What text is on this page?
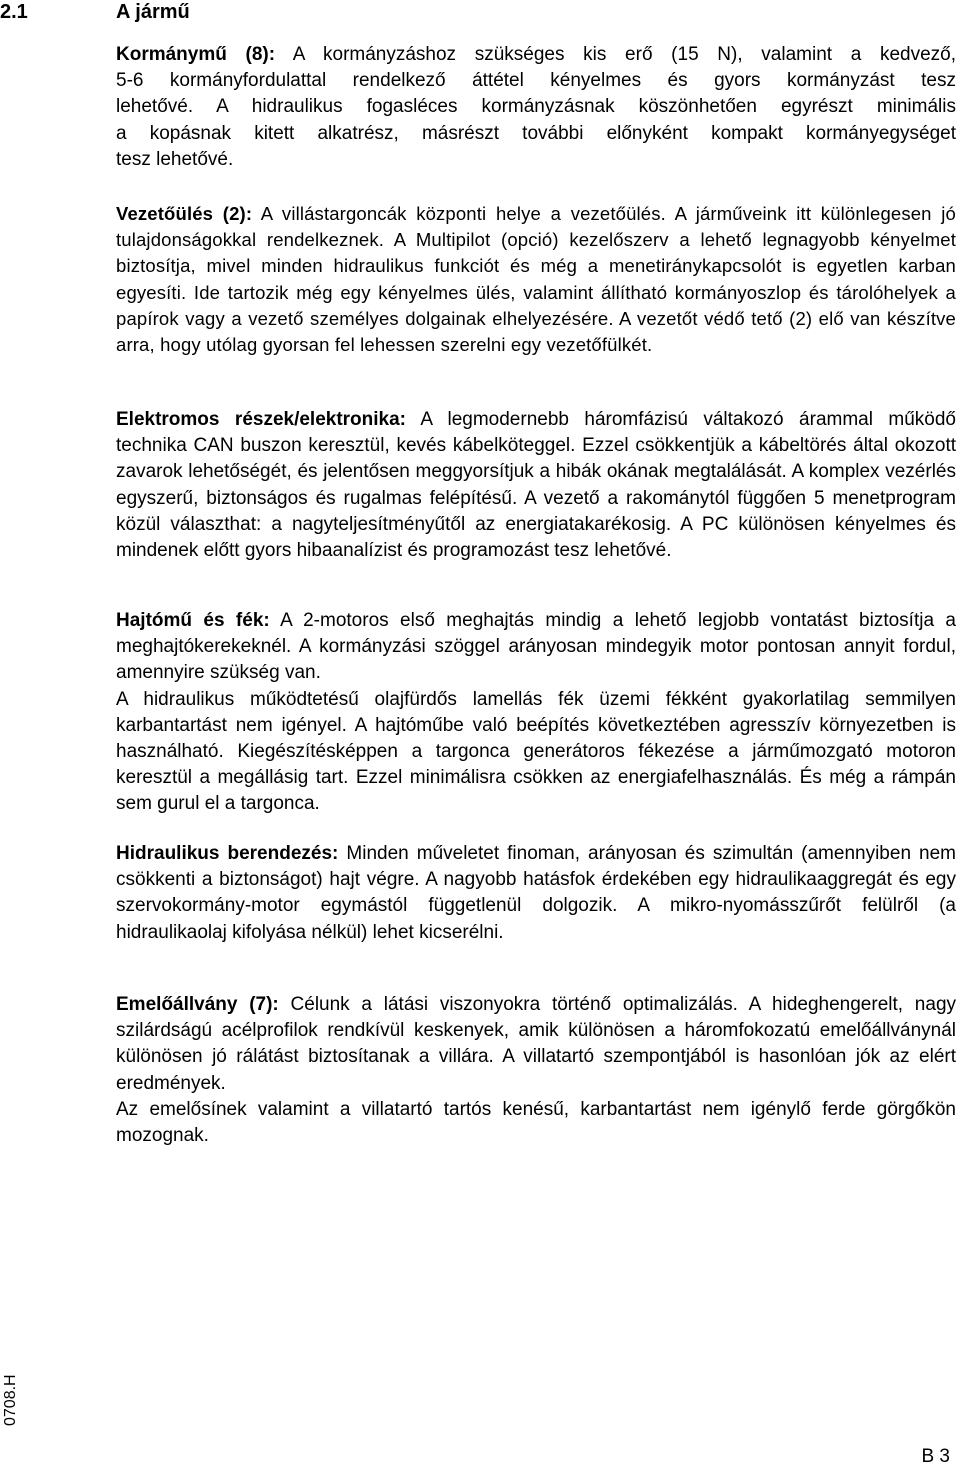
2.1	A jármű
Kormánymű (8): A kormányzáshoz szükséges kis erő (15 N), valamint a kedvező,
5-6 kormányfordulattal rendelkező áttétel kényelmes és gyors kormányzást tesz
lehetővé. A hidraulikus fogasléces kormányzásnak köszönhetően egyrészt minimális
a kopásnak kitett alkatrész, másrészt további előnyként kompakt kormányegységet
tesz lehetővé.

Vezetőülés (2): A villástargoncák központi helye a vezetőülés. A járműveink itt különlegesen jó tulajdonságokkal rendelkeznek. A Multipilot (opció) kezelőszerv a lehető legnagyobb kényelmet biztosítja, mivel minden hidraulikus funkciót és még a menetiránykapcsolót is egyetlen karban egyesíti. Ide tartozik még egy kényelmes ülés, valamint állítható kormányoszlop és tárolóhelyek a papírok vagy a vezető személyes dolgainak elhelyezésére. A vezetőt védő tető (2) elő van készítve arra, hogy utólag gyorsan fel lehessen szerelni egy vezetőfülkét.

Elektromos részek/elektronika: A legmodernebb háromfázisú váltakozó árammal működő technika CAN buszon keresztül, kevés kábelköteggel. Ezzel csökkentjük a kábeltörés által okozott zavarok lehetőségét, és jelentősen meggyorsítjuk a hibák okának megtalálását. A komplex vezérlés egyszerű, biztonságos és rugalmas felépítésű. A vezető a rakománytól függően 5 menetprogram közül választhat: a nagyteljesítményűtől az energiatakarékosig. A PC különösen kényelmes és mindenek előtt gyors hibaanalízist és programozást tesz lehetővé.

Hajtómű és fék: A 2-motoros első meghajtás mindig a lehető legjobb vontatást biztosítja a meghajtókerekeknél. A kormányzási szöggel arányosan mindegyik motor pontosan annyit fordul, amennyire szükség van.

A hidraulikus működtetésű olajfürdős lamellás fék üzemi fékként gyakorlatilag semmilyen karbantartást nem igényel. A hajtóműbe való beépítés következtében agresszív környezetben is használható. Kiegészítésképpen a targonca generátoros fékezése a járműmozgató motoron keresztül a megállásig tart. Ezzel minimálisra csökken az energiafelhasználás. És még a rámpán sem gurul el a targonca.

Hidraulikus berendezés: Minden műveletet finoman, arányosan és szimultán (amennyiben nem csökkenti a biztonságot) hajt végre. A nagyobb hatásfok érdekében egy hidraulikaaggregát és egy szervokormány-motor egymástól függetlenül dolgozik. A mikro-nyomásszűrőt felülről (a hidraulikaolaj kifolyása nélkül) lehet kicserélni.

Emelőállvány (7): Célunk a látási viszonyokra történő optimalizálás. A hideghengerelt, nagy szilárdságú acélprofilok rendkívül keskenyek, amik különösen a háromfokozatú emelőállványnál különösen jó rálátást biztosítanak a villára. A villatartó szempontjából is hasonlóan jók az elért eredmények.

Az emelősínek valamint a villatartó tartós kenésű, karbantartást nem igénylő ferde görgőkön mozognak.

0708.H
B 3
